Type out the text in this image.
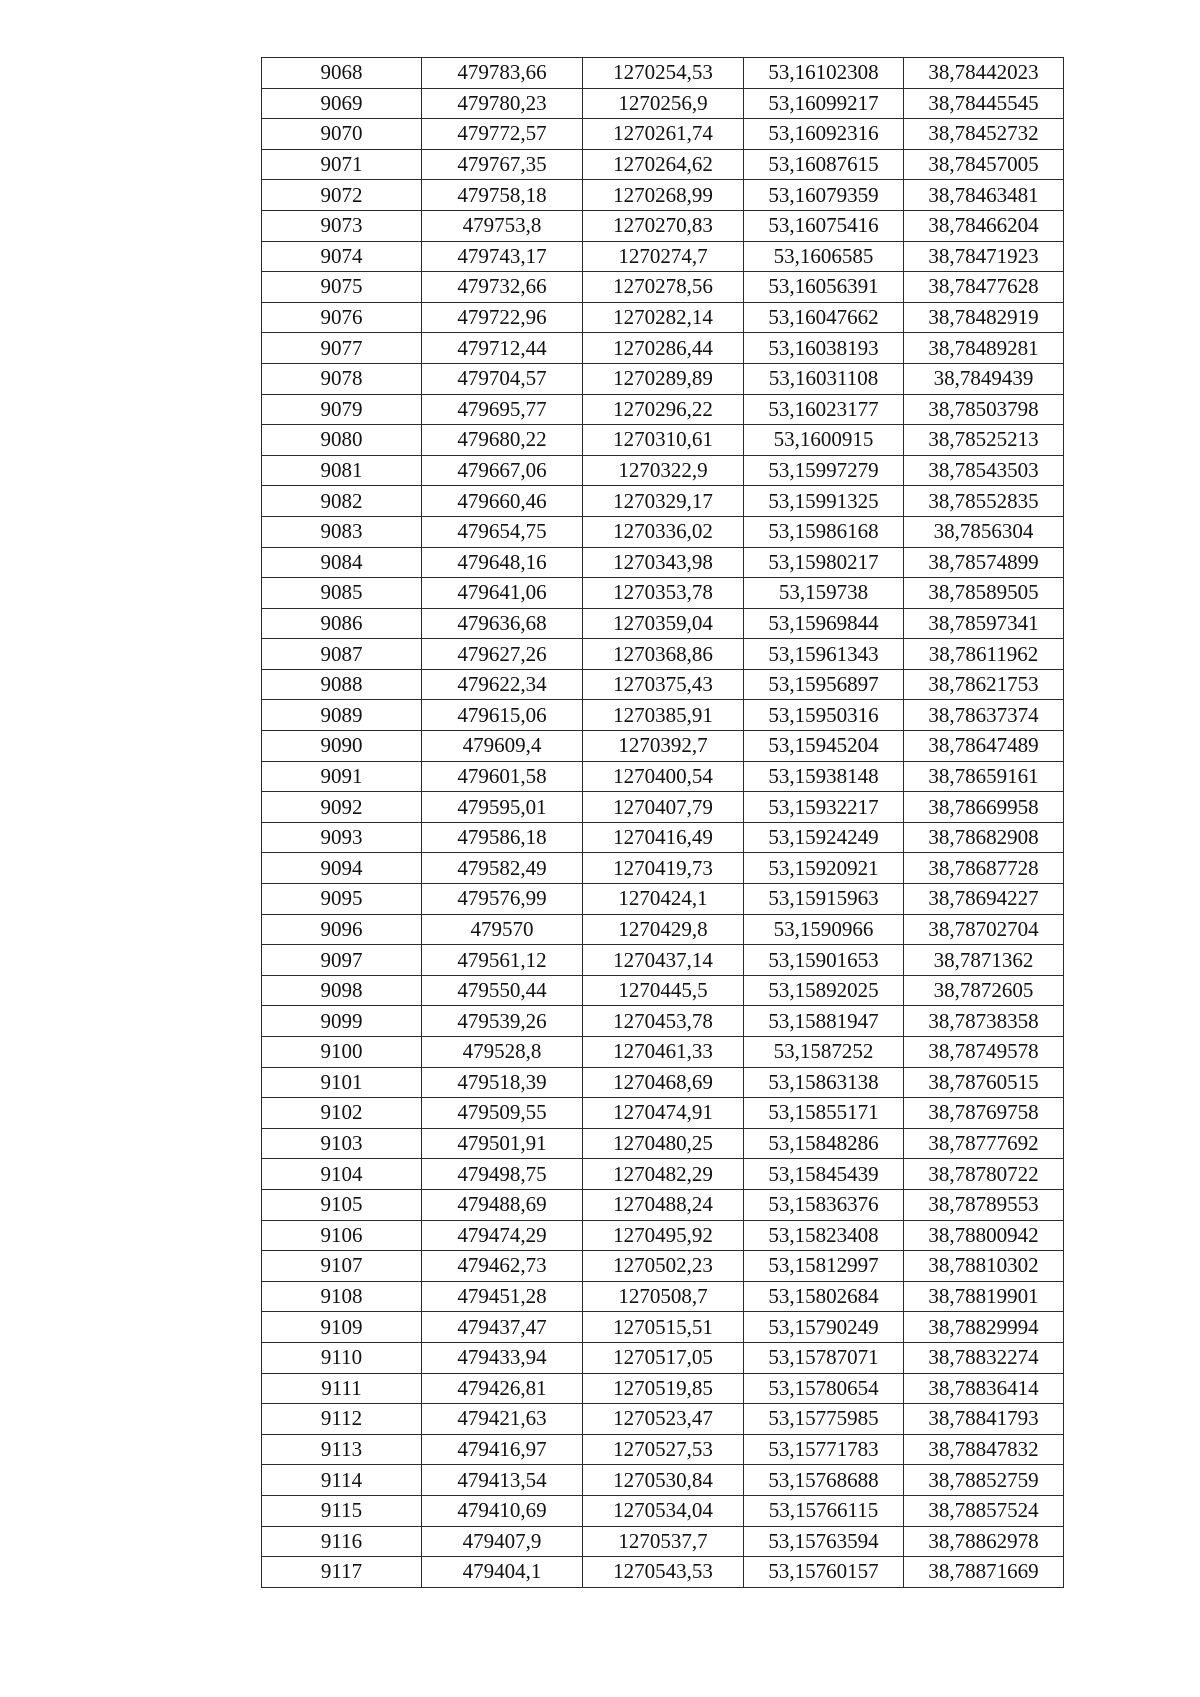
9068	479783,66	1270254,53	53,16102308	38,78442023
9069	479780,23	1270256,9	53,16099217	38,78445545
9070	479772,57	1270261,74	53,16092316	38,78452732
9071	479767,35	1270264,62	53,16087615	38,78457005
9072	479758,18	1270268,99	53,16079359	38,78463481
9073	479753,8	1270270,83	53,16075416	38,78466204
9074	479743,17	1270274,7	53,1606585	38,78471923
9075	479732,66	1270278,56	53,16056391	38,78477628
9076	479722,96	1270282,14	53,16047662	38,78482919
9077	479712,44	1270286,44	53,16038193	38,78489281
9078	479704,57	1270289,89	53,16031108	38,7849439
9079	479695,77	1270296,22	53,16023177	38,78503798
9080	479680,22	1270310,61	53,1600915	38,78525213
9081	479667,06	1270322,9	53,15997279	38,78543503
9082	479660,46	1270329,17	53,15991325	38,78552835
9083	479654,75	1270336,02	53,15986168	38,7856304
9084	479648,16	1270343,98	53,15980217	38,78574899
9085	479641,06	1270353,78	53,159738	38,78589505
9086	479636,68	1270359,04	53,15969844	38,78597341
9087	479627,26	1270368,86	53,15961343	38,78611962
9088	479622,34	1270375,43	53,15956897	38,78621753
9089	479615,06	1270385,91	53,15950316	38,78637374
9090	479609,4	1270392,7	53,15945204	38,78647489
9091	479601,58	1270400,54	53,15938148	38,78659161
9092	479595,01	1270407,79	53,15932217	38,78669958
9093	479586,18	1270416,49	53,15924249	38,78682908
9094	479582,49	1270419,73	53,15920921	38,78687728
9095	479576,99	1270424,1	53,15915963	38,78694227
9096	479570	1270429,8	53,1590966	38,78702704
9097	479561,12	1270437,14	53,15901653	38,7871362
9098	479550,44	1270445,5	53,15892025	38,7872605
9099	479539,26	1270453,78	53,15881947	38,78738358
9100	479528,8	1270461,33	53,1587252	38,78749578
9101	479518,39	1270468,69	53,15863138	38,78760515
9102	479509,55	1270474,91	53,15855171	38,78769758
9103	479501,91	1270480,25	53,15848286	38,78777692
9104	479498,75	1270482,29	53,15845439	38,78780722
9105	479488,69	1270488,24	53,15836376	38,78789553
9106	479474,29	1270495,92	53,15823408	38,78800942
9107	479462,73	1270502,23	53,15812997	38,78810302
9108	479451,28	1270508,7	53,15802684	38,78819901
9109	479437,47	1270515,51	53,15790249	38,78829994
9110	479433,94	1270517,05	53,15787071	38,78832274
9111	479426,81	1270519,85	53,15780654	38,78836414
9112	479421,63	1270523,47	53,15775985	38,78841793
9113	479416,97	1270527,53	53,15771783	38,78847832
9114	479413,54	1270530,84	53,15768688	38,78852759
9115	479410,69	1270534,04	53,15766115	38,78857524
9116	479407,9	1270537,7	53,15763594	38,78862978
9117	479404,1	1270543,53	53,15760157	38,78871669
